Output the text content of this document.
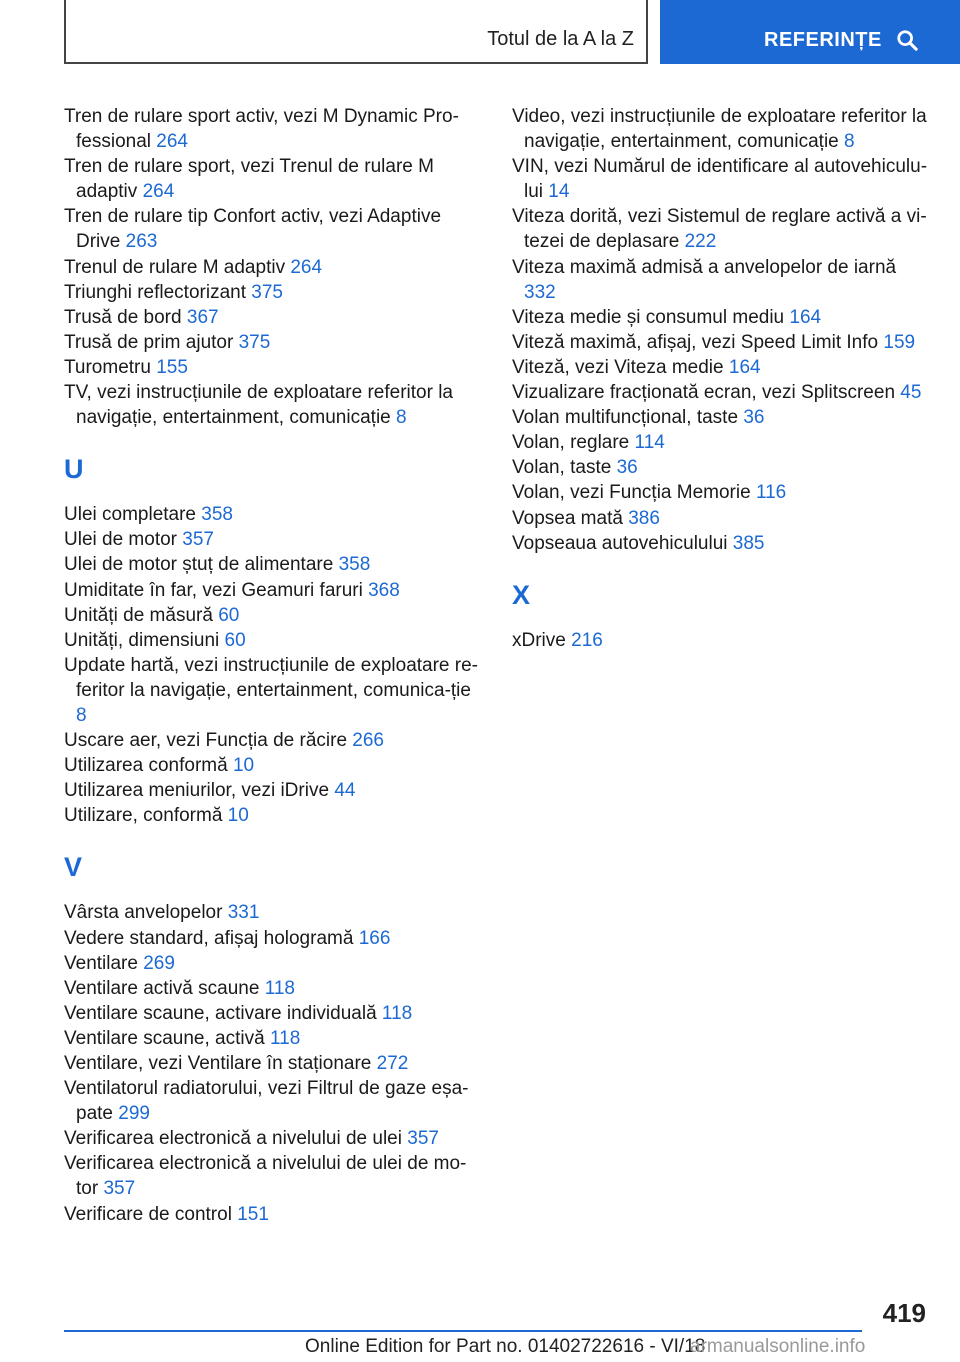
Totul de la A la Z	REFERINȚE

Tren de rulare sport activ, vezi M Dynamic Pro‐fessional 264

Tren de rulare sport, vezi Trenul de rulare M adaptiv 264

Tren de rulare tip Confort activ, vezi Adaptive Drive 263

Trenul de rulare M adaptiv 264

Triunghi reflectorizant 375

Trusă de bord 367

Trusă de prim ajutor 375

Turometru 155

TV, vezi instrucțiunile de exploatare referitor la navigație, entertainment, comunicație 8

U

Ulei completare 358

Ulei de motor 357

Ulei de motor ștuț de alimentare 358

Umiditate în far, vezi Geamuri faruri 368

Unități de măsură 60

Unități, dimensiuni 60

Update hartă, vezi instrucțiunile de exploatare re‐feritor la navigație, entertainment, comunica‐ție 8

Uscare aer, vezi Funcția de răcire 266

Utilizarea conformă 10

Utilizarea meniurilor, vezi iDrive 44

Utilizare, conformă 10

V

Vârsta anvelopelor 331

Vedere standard, afișaj hologramă 166

Ventilare 269

Ventilare activă scaune 118

Ventilare scaune, activare individuală 118

Ventilare scaune, activă 118

Ventilare, vezi Ventilare în staționare 272

Ventilatorul radiatorului, vezi Filtrul de gaze eșa‐pate 299

Verificarea electronică a nivelului de ulei 357

Verificarea electronică a nivelului de ulei de mo‐tor 357

Verificare de control 151

Video, vezi instrucțiunile de exploatare referitor la navigație, entertainment, comunicație 8

VIN, vezi Numărul de identificare al autovehiculu‐lui 14

Viteza dorită, vezi Sistemul de reglare activă a vi‐tezei de deplasare 222

Viteza maximă admisă a anvelopelor de iarnă 332

Viteza medie și consumul mediu 164

Viteză maximă, afișaj, vezi Speed Limit Info 159

Viteză, vezi Viteza medie 164

Vizualizare fracționată ecran, vezi Splitscreen 45

Volan multifuncțional, taste 36

Volan, reglare 114

Volan, taste 36

Volan, vezi Funcția Memorie 116

Vopsea mată 386

Vopseaua autovehiculului 385

X

xDrive 216

419
Online Edition for Part no. 01402722616 - VI/18
armanualsonline.info
